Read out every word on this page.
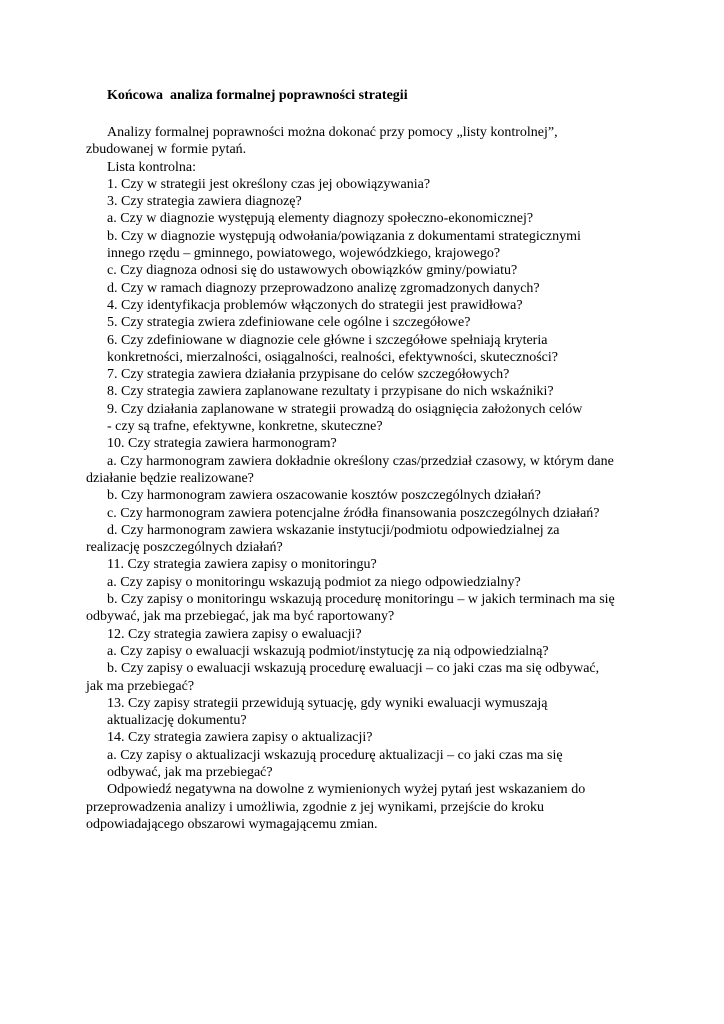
Końcowa  analiza formalnej poprawności strategii
Analizy formalnej poprawności można dokonać przy pomocy „listy kontrolnej”,
zbudowanej w formie pytań.
Lista kontrolna:
1. Czy w strategii jest określony czas jej obowiązywania?
3. Czy strategia zawiera diagnozę?
a. Czy w diagnozie występują elementy diagnozy społeczno-ekonomicznej?
b. Czy w diagnozie występują odwołania/powiązania z dokumentami strategicznymi
innego rzędu – gminnego, powiatowego, wojewódzkiego, krajowego?
c. Czy diagnoza odnosi się do ustawowych obowiązków gminy/powiatu?
d. Czy w ramach diagnozy przeprowadzono analizę zgromadzonych danych?
4. Czy identyfikacja problemów włączonych do strategii jest prawidłowa?
5. Czy strategia zwiera zdefiniowane cele ogólne i szczegółowe?
6. Czy zdefiniowane w diagnozie cele główne i szczegółowe spełniają kryteria
konkretności, mierzalności, osiągalności, realności, efektywności, skuteczności?
7. Czy strategia zawiera działania przypisane do celów szczegółowych?
8. Czy strategia zawiera zaplanowane rezultaty i przypisane do nich wskaźniki?
9. Czy działania zaplanowane w strategii prowadzą do osiągnięcia założonych celów
- czy są trafne, efektywne, konkretne, skuteczne?
10. Czy strategia zawiera harmonogram?
a. Czy harmonogram zawiera dokładnie określony czas/przedział czasowy, w którym dane
działanie będzie realizowane?
b. Czy harmonogram zawiera oszacowanie kosztów poszczególnych działań?
c. Czy harmonogram zawiera potencjalne źródła finansowania poszczególnych działań?
d. Czy harmonogram zawiera wskazanie instytucji/podmiotu odpowiedzialnej za
realizację poszczególnych działań?
11. Czy strategia zawiera zapisy o monitoringu?
a. Czy zapisy o monitoringu wskazują podmiot za niego odpowiedzialny?
b. Czy zapisy o monitoringu wskazują procedurę monitoringu – w jakich terminach ma się
odbywać, jak ma przebiegać, jak ma być raportowany?
12. Czy strategia zawiera zapisy o ewaluacji?
a. Czy zapisy o ewaluacji wskazują podmiot/instytucję za nią odpowiedzialną?
b. Czy zapisy o ewaluacji wskazują procedurę ewaluacji – co jaki czas ma się odbywać,
jak ma przebiegać?
13. Czy zapisy strategii przewidują sytuację, gdy wyniki ewaluacji wymuszają
aktualizację dokumentu?
14. Czy strategia zawiera zapisy o aktualizacji?
a. Czy zapisy o aktualizacji wskazują procedurę aktualizacji – co jaki czas ma się
odbywać, jak ma przebiegać?
Odpowiedź negatywna na dowolne z wymienionych wyżej pytań jest wskazaniem do
przeprowadzenia analizy i umożliwia, zgodnie z jej wynikami, przejście do kroku
odpowiadającego obszarowi wymagającemu zmian.
